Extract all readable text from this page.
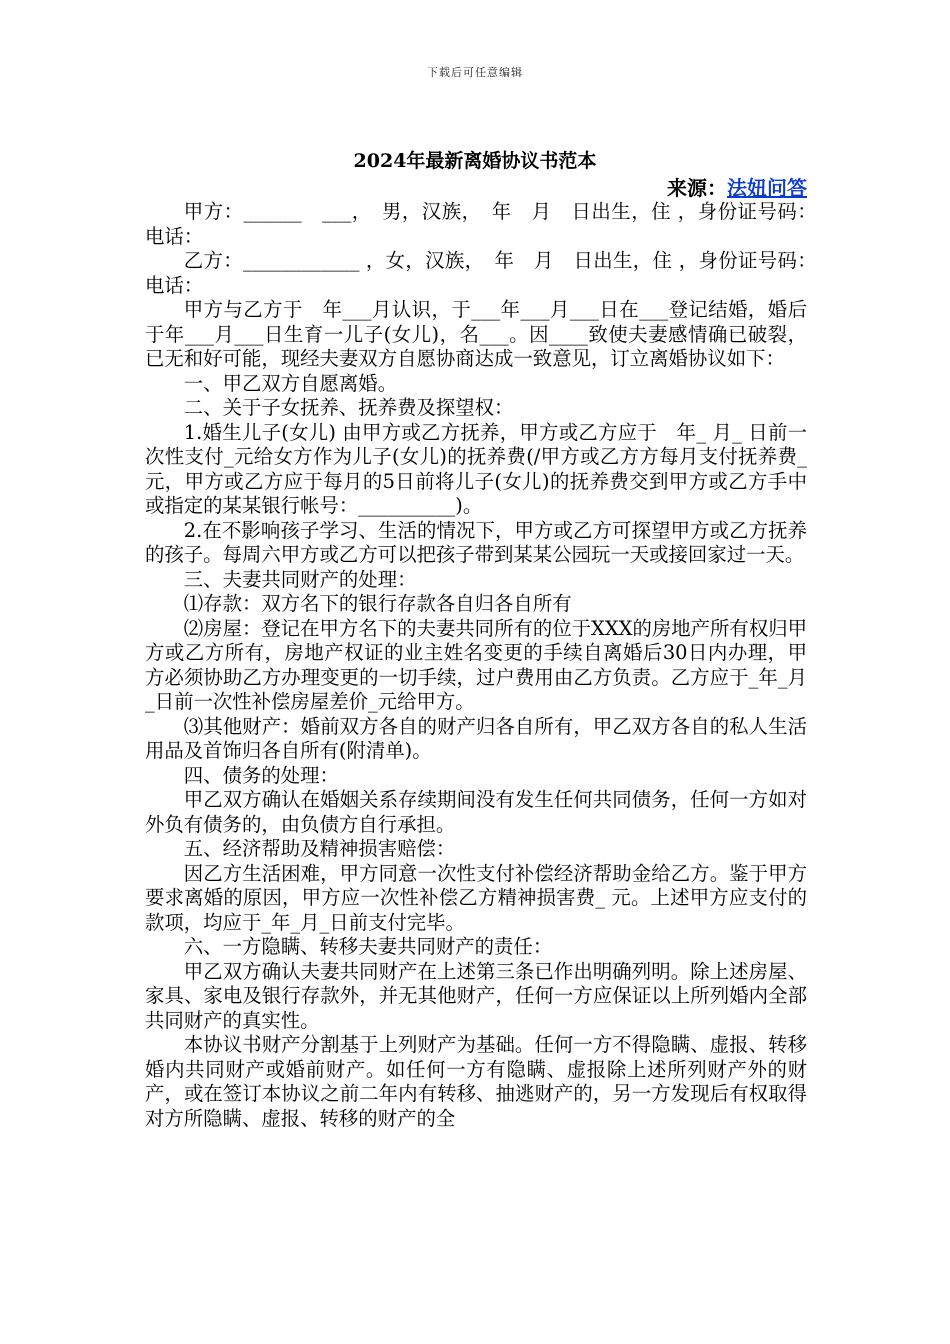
下载后可任意编辑
2024年最新离婚协议书范本
来源：法妞问答

甲方：______　___，　男，汉族，　年　月　日出生，住 ，身份证号码：　电话：

乙方：____________ ，女，汉族，　年　月　日出生，住 ，身份证号码：　电话：

甲方与乙方于　年___月认识，于___年___月___日在___登记结婚，婚后于年___月___日生育一儿子(女儿)，名___。因____致使夫妻感情确已破裂，已无和好可能，现经夫妻双方自愿协商达成一致意见，订立离婚协议如下：

一、甲乙双方自愿离婚。

二、关于子女抚养、抚养费及探望权：

1.婚生儿子(女儿) 由甲方或乙方抚养，甲方或乙方应于　年_ 月_ 日前一次性支付_元给女方作为儿子(女儿)的抚养费(/甲方或乙方方每月支付抚养费_元，甲方或乙方应于每月的5日前将儿子(女儿)的抚养费交到甲方或乙方手中或指定的某某银行帐号：__________)。

2.在不影响孩子学习、生活的情况下，甲方或乙方可探望甲方或乙方抚养的孩子。每周六甲方或乙方可以把孩子带到某某公园玩一天或接回家过一天。

三、夫妻共同财产的处理：

⑴存款：双方名下的银行存款各自归各自所有

⑵房屋：登记在甲方名下的夫妻共同所有的位于XXX的房地产所有权归甲方或乙方所有，房地产权证的业主姓名变更的手续自离婚后30日内办理，甲方必须协助乙方办理变更的一切手续，过户费用由乙方负责。乙方应于_年_月_日前一次性补偿房屋差价_元给甲方。

⑶其他财产：婚前双方各自的财产归各自所有，甲乙双方各自的私人生活用品及首饰归各自所有(附清单)。

四、债务的处理：

甲乙双方确认在婚姻关系存续期间没有发生任何共同债务，任何一方如对外负有债务的，由负债方自行承担。

五、经济帮助及精神损害赔偿：

因乙方生活困难，甲方同意一次性支付补偿经济帮助金给乙方。鉴于甲方要求离婚的原因，甲方应一次性补偿乙方精神损害费_ 元。上述甲方应支付的款项，均应于_年_月_日前支付完毕。

六、一方隐瞒、转移夫妻共同财产的责任：

甲乙双方确认夫妻共同财产在上述第三条已作出明确列明。除上述房屋、家具、家电及银行存款外，并无其他财产，任何一方应保证以上所列婚内全部共同财产的真实性。

本协议书财产分割基于上列财产为基础。任何一方不得隐瞒、虚报、转移婚内共同财产或婚前财产。如任何一方有隐瞒、虚报除上述所列财产外的财产，或在签订本协议之前二年内有转移、抽逃财产的，另一方发现后有权取得对方所隐瞒、虚报、转移的财产的全
